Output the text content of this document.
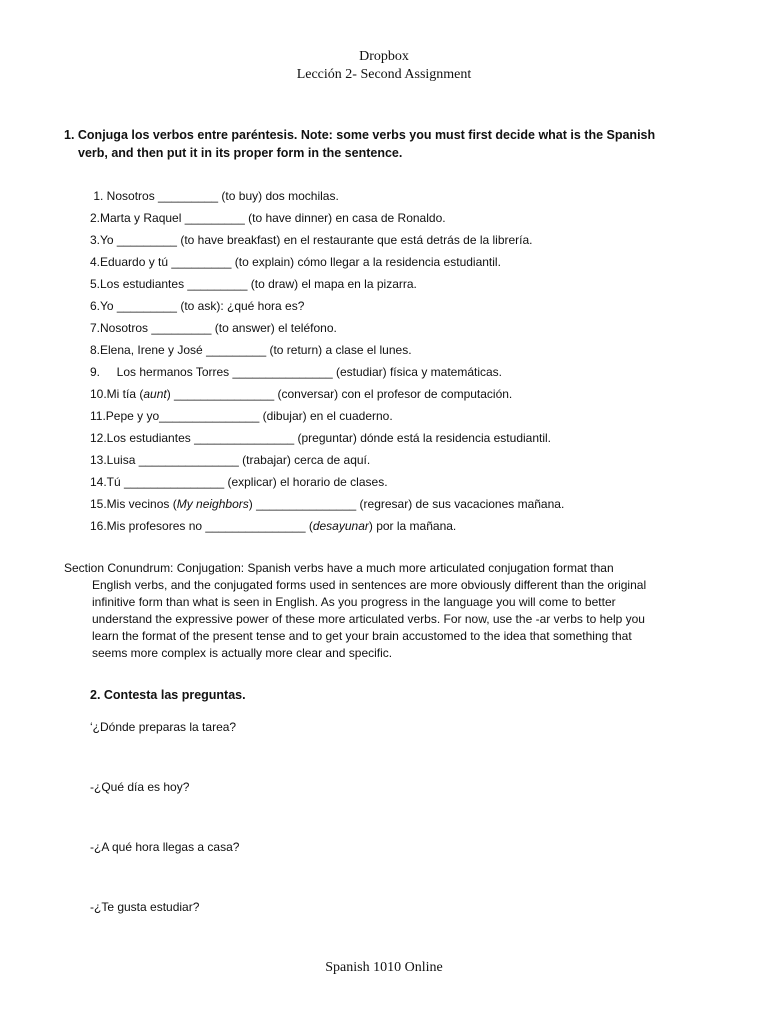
Dropbox
Lección 2- Second Assignment
1. Conjuga los verbos entre paréntesis. Note: some verbs you must first decide what is the Spanish
verb, and then put it in its proper form in the sentence.
1. Nosotros _________ (to buy) dos mochilas.
2.Marta y Raquel _________ (to have dinner) en casa de Ronaldo.
3.Yo _________ (to have breakfast) en el restaurante que está detrás de la librería.
4.Eduardo y tú _________ (to explain) cómo llegar a la residencia estudiantil.
5.Los estudiantes _________ (to draw) el mapa en la pizarra.
6.Yo _________ (to ask): ¿qué hora es?
7.Nosotros _________ (to answer) el teléfono.
8.Elena, Irene y José _________ (to return) a clase el lunes.
9.     Los hermanos Torres _______________ (estudiar) física y matemáticas.
10.Mi tía (aunt) _______________ (conversar) con el profesor de computación.
11.Pepe y yo_______________ (dibujar) en el cuaderno.
12.Los estudiantes _______________ (preguntar) dónde está la residencia estudiantil.
13.Luisa _______________ (trabajar) cerca de aquí.
14.Tú _______________ (explicar) el horario de clases.
15.Mis vecinos (My neighbors) _______________ (regresar) de sus vacaciones mañana.
16.Mis profesores no _______________ (desayunar) por la mañana.
Section Conundrum: Conjugation: Spanish verbs have a much more articulated conjugation format than
English verbs, and the conjugated forms used in sentences are more obviously different than the original
infinitive form than what is seen in English. As you progress in the language you will come to better
understand the expressive power of these more articulated verbs. For now, use the -ar verbs to help you
learn the format of the present tense and to get your brain accustomed to the idea that something that
seems more complex is actually more clear and specific.
2. Contesta las preguntas.
‘¿Dónde preparas la tarea?
-¿Qué día es hoy?
-¿A qué hora llegas a casa?
-¿Te gusta estudiar?
Spanish 1010 Online
